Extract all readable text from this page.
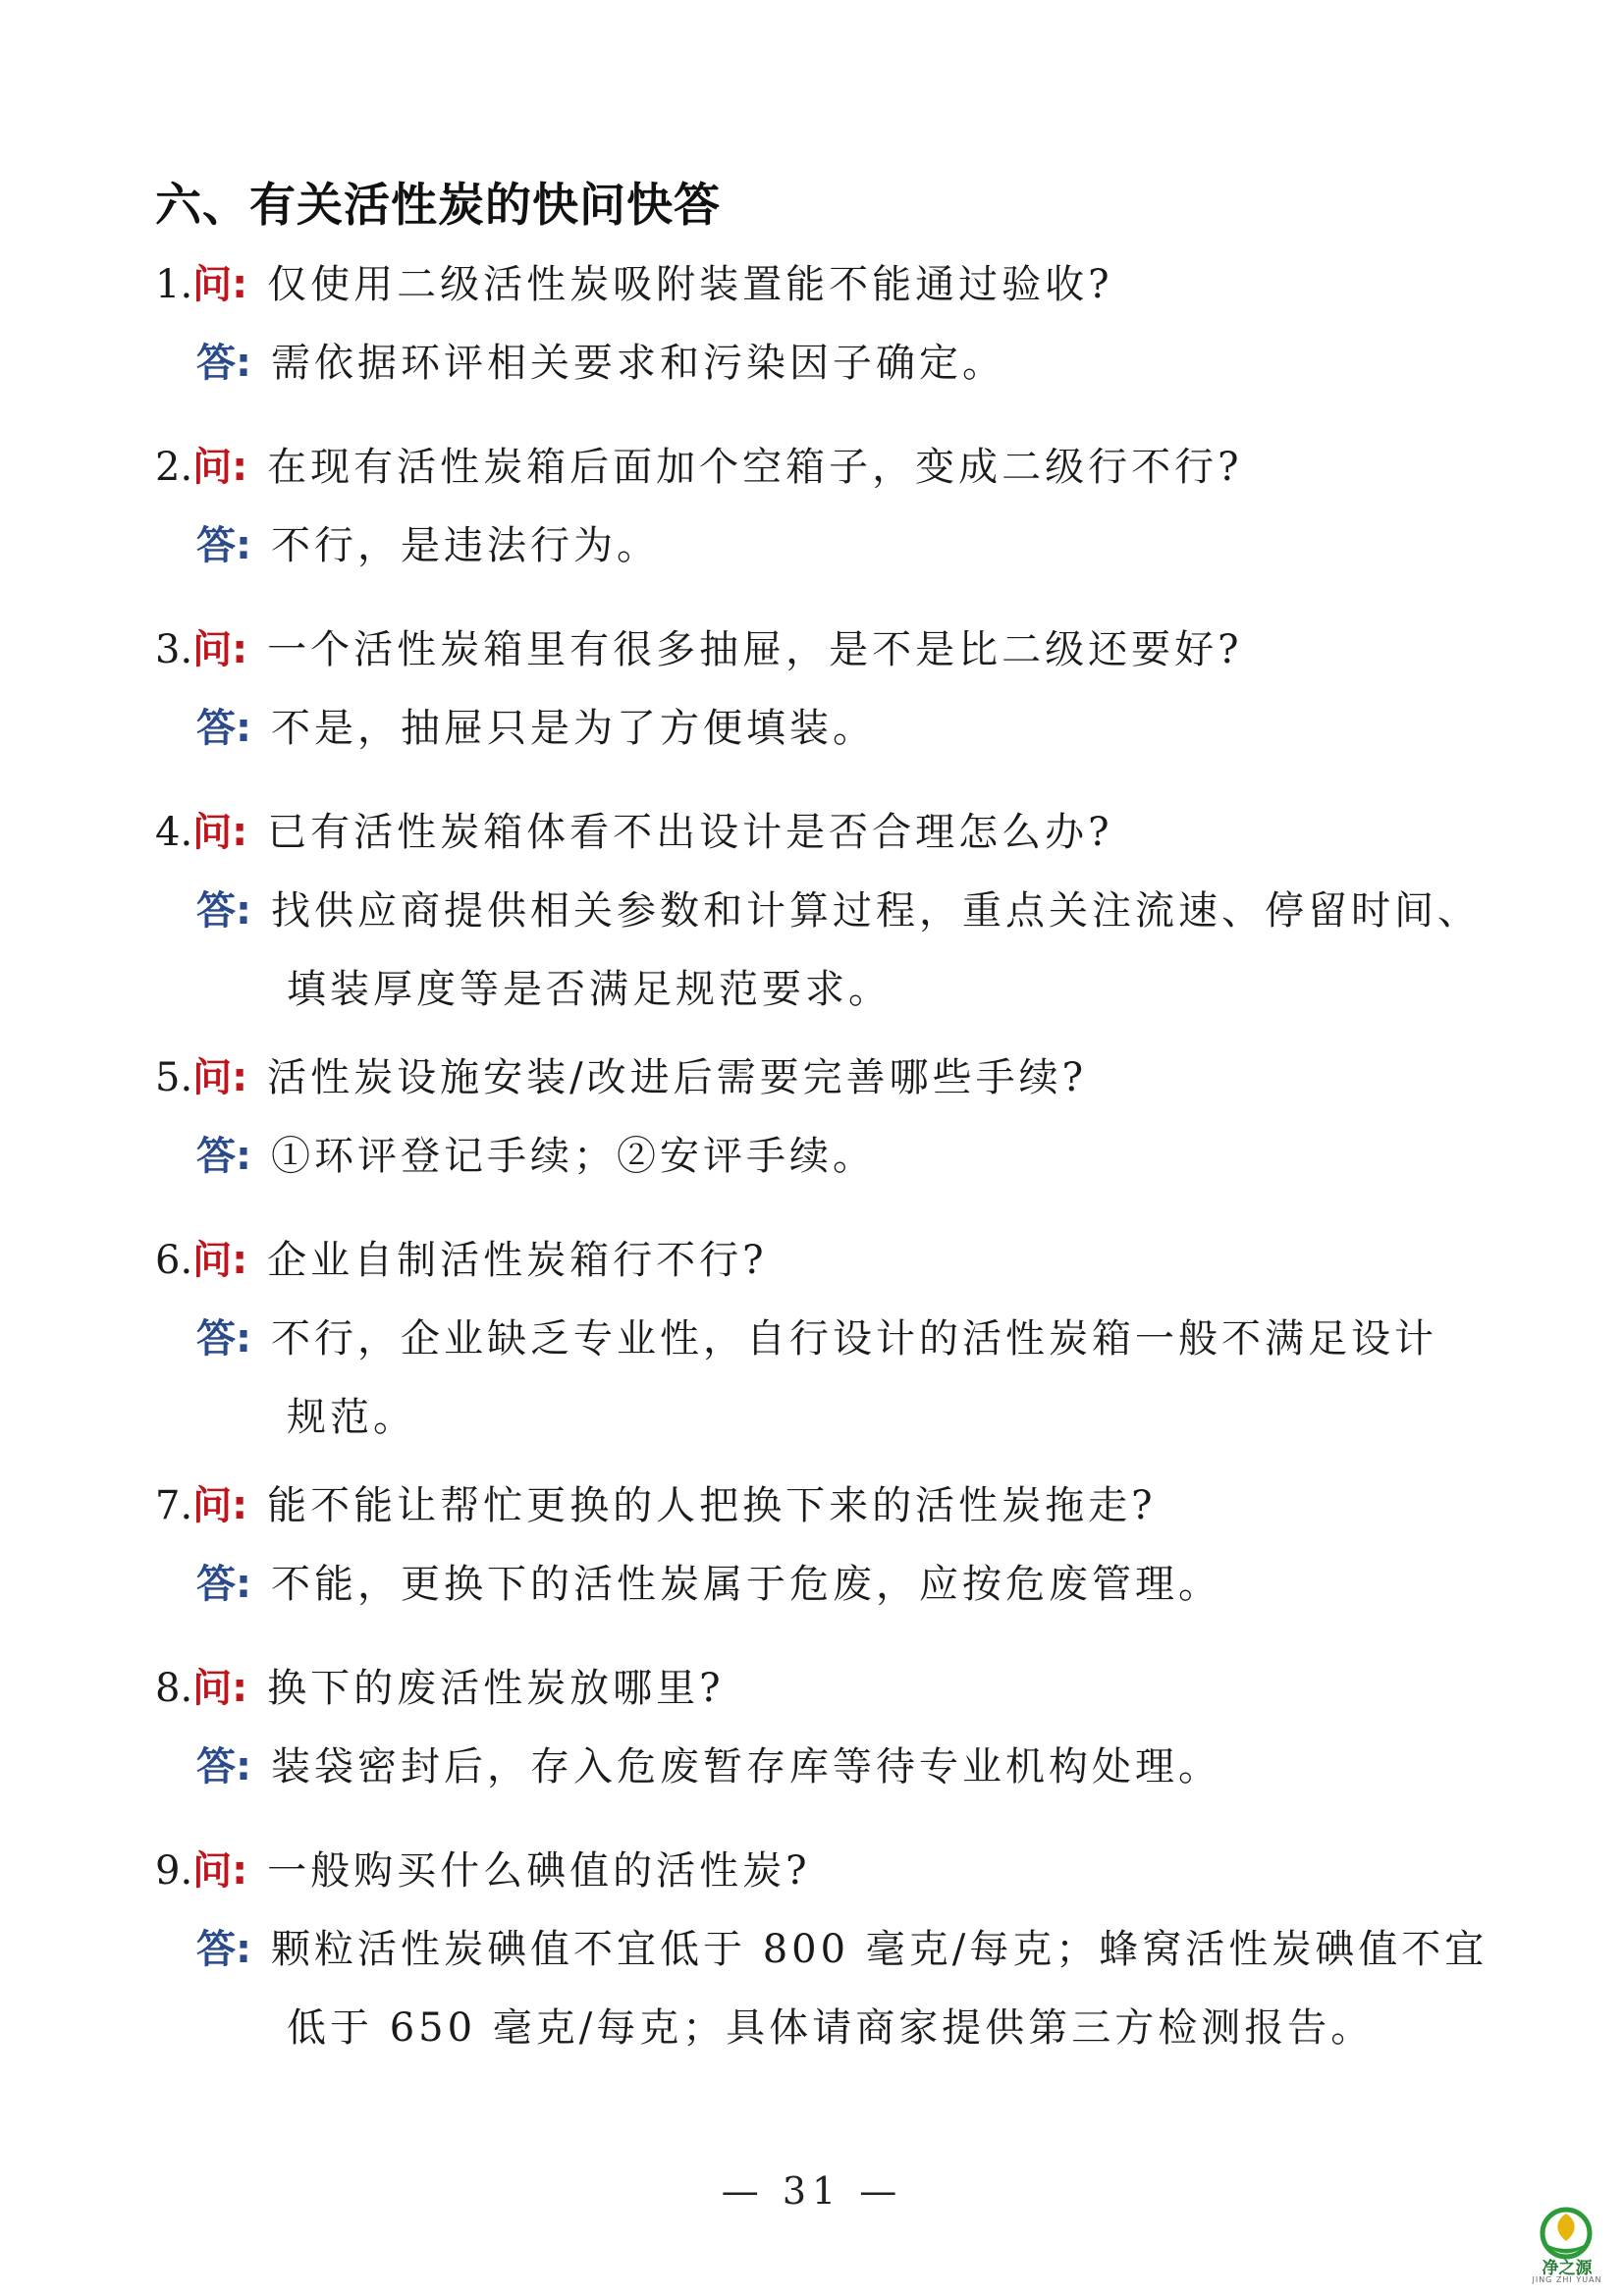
六、有关活性炭的快问快答
1.问: 仅使用二级活性炭吸附装置能不能通过验收?
答: 需依据环评相关要求和污染因子确定。
2.问: 在现有活性炭箱后面加个空箱子，变成二级行不行?
答: 不行，是违法行为。
3.问: 一个活性炭箱里有很多抽屉，是不是比二级还要好?
答: 不是，抽屉只是为了方便填装。
4.问: 已有活性炭箱体看不出设计是否合理怎么办?
答: 找供应商提供相关参数和计算过程，重点关注流速、停留时间、
填装厚度等是否满足规范要求。
5.问: 活性炭设施安装/改进后需要完善哪些手续?
答: ①环评登记手续；②安评手续。
6.问: 企业自制活性炭箱行不行?
答: 不行，企业缺乏专业性，自行设计的活性炭箱一般不满足设计
规范。
7.问: 能不能让帮忙更换的人把换下来的活性炭拖走?
答: 不能，更换下的活性炭属于危废，应按危废管理。
8.问: 换下的废活性炭放哪里?
答: 装袋密封后，存入危废暂存库等待专业机构处理。
9.问: 一般购买什么碘值的活性炭?
答: 颗粒活性炭碘值不宜低于 800 毫克/每克；蜂窝活性炭碘值不宜
低于 650 毫克/每克；具体请商家提供第三方检测报告。
— 31 —
净之源
JING ZHI YUAN
